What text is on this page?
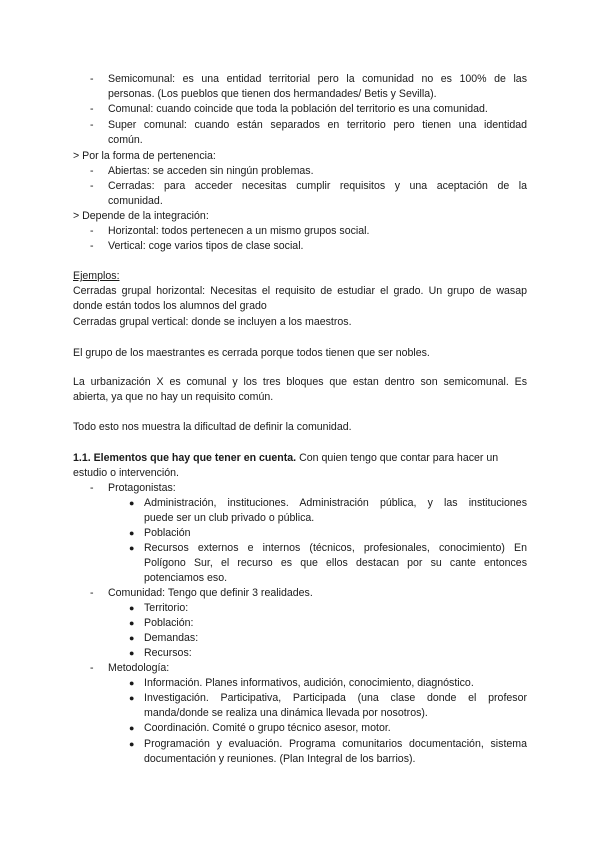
- Semicomunal: es una entidad territorial pero la comunidad no es 100% de las
personas. (Los pueblos que tienen dos hermandades/ Betis y Sevilla).
- Comunal: cuando coincide que toda la población del territorio es una comunidad.
- Super comunal: cuando están separados en territorio pero tienen una identidad
común.
> Por la forma de pertenencia:
- Abiertas: se acceden sin ningún problemas.
- Cerradas: para acceder necesitas cumplir requisitos y una aceptación de la
comunidad.
> Depende de la integración:
- Horizontal: todos pertenecen a un mismo grupos social.
- Vertical: coge varios tipos de clase social.
Ejemplos:
Cerradas grupal horizontal: Necesitas el requisito de estudiar el grado. Un grupo de wasap
donde están todos los alumnos del grado
Cerradas grupal vertical: donde se incluyen a los maestros.
El grupo de los maestrantes es cerrada porque todos tienen que ser nobles.
La urbanización X es comunal y los tres bloques que estan dentro son semicomunal. Es
abierta, ya que no hay un requisito común.
Todo esto nos muestra la dificultad de definir la comunidad.
1.1. Elementos que hay que tener en cuenta. Con quien tengo que contar para hacer un
estudio o intervención.
- Protagonistas:
● Administración, instituciones. Administración pública, y las instituciones
puede ser un club privado o pública.
● Población
● Recursos externos e internos (técnicos, profesionales, conocimiento) En
Polígono Sur, el recurso es que ellos destacan por su cante entonces
potenciamos eso.
- Comunidad: Tengo que definir 3 realidades.
● Territorio:
● Población:
● Demandas:
● Recursos:
- Metodología:
● Información. Planes informativos, audición, conocimiento, diagnóstico.
● Investigación. Participativa, Participada (una clase donde el profesor
manda/donde se realiza una dinámica llevada por nosotros).
● Coordinación. Comité o grupo técnico asesor, motor.
● Programación y evaluación. Programa comunitarios documentación, sistema
documentación y reuniones. (Plan Integral de los barrios).
